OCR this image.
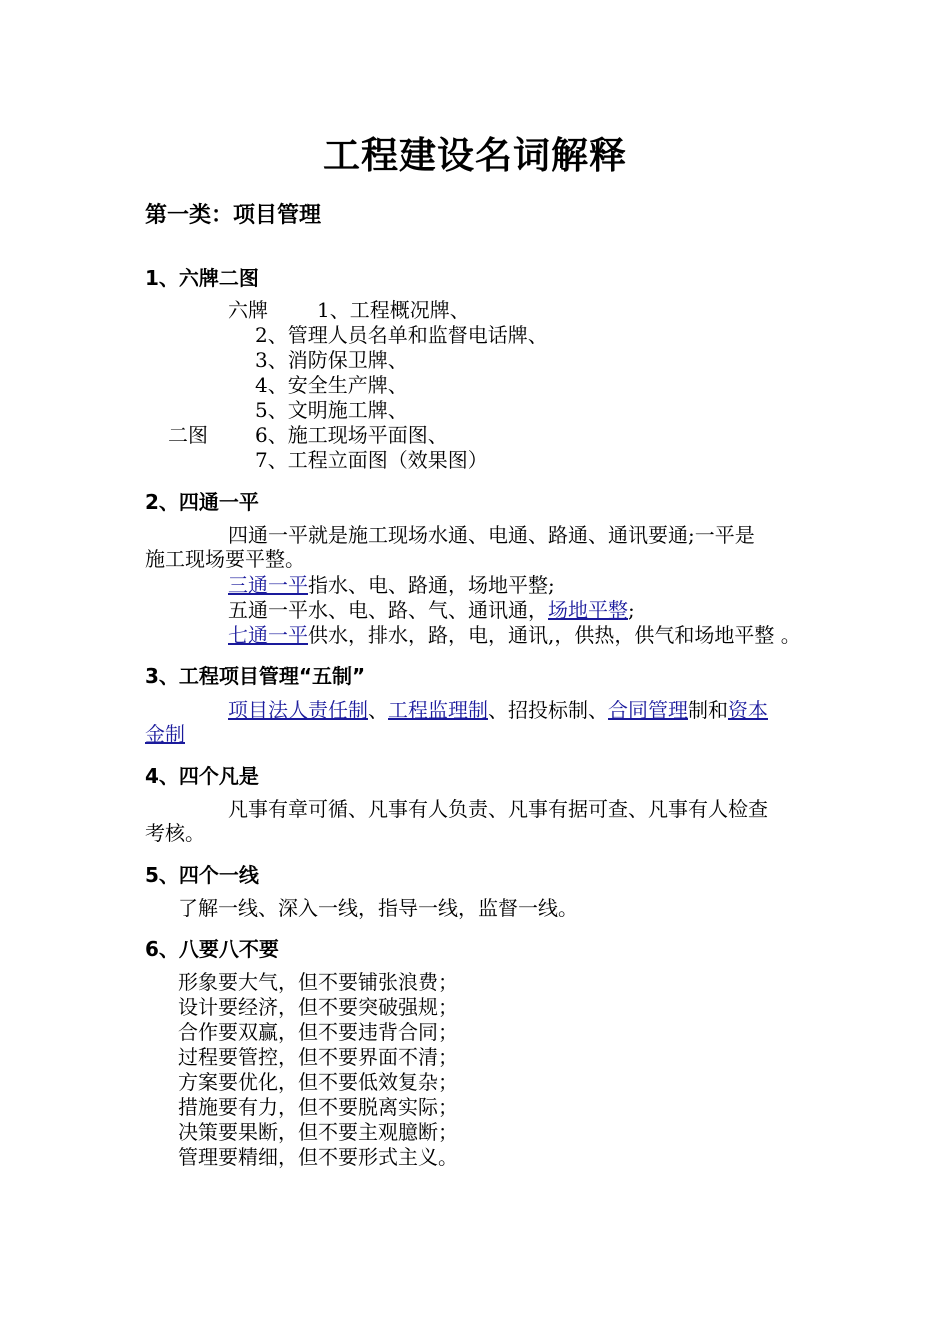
工程建设名词解释
第一类：项目管理
1、六牌二图
六牌 1、工程概况牌、
2、管理人员名单和监督电话牌、
3、消防保卫牌、
4、安全生产牌、
5、文明施工牌、
二图 6、施工现场平面图、
7、工程立面图（效果图）
2、四通一平
四通一平就是施工现场水通、电通、路通、通讯要通;一平是
施工现场要平整。
三通一平指水、电、路通，场地平整;
五通一平水、电、路、气、通讯通，场地平整;
七通一平供水，排水，路，电，通讯,，供热，供气和场地平整 。
3、工程项目管理“五制”
项目法人责任制、工程监理制、招投标制、合同管理制和资本
金制
4、四个凡是
凡事有章可循、凡事有人负责、凡事有据可查、凡事有人检查
考核。
5、四个一线
了解一线、深入一线，指导一线，监督一线。
6、八要八不要
形象要大气，但不要铺张浪费；
设计要经济，但不要突破强规；
合作要双赢，但不要违背合同；
过程要管控，但不要界面不清；
方案要优化，但不要低效复杂；
措施要有力，但不要脱离实际；
决策要果断，但不要主观臆断；
管理要精细，但不要形式主义。
